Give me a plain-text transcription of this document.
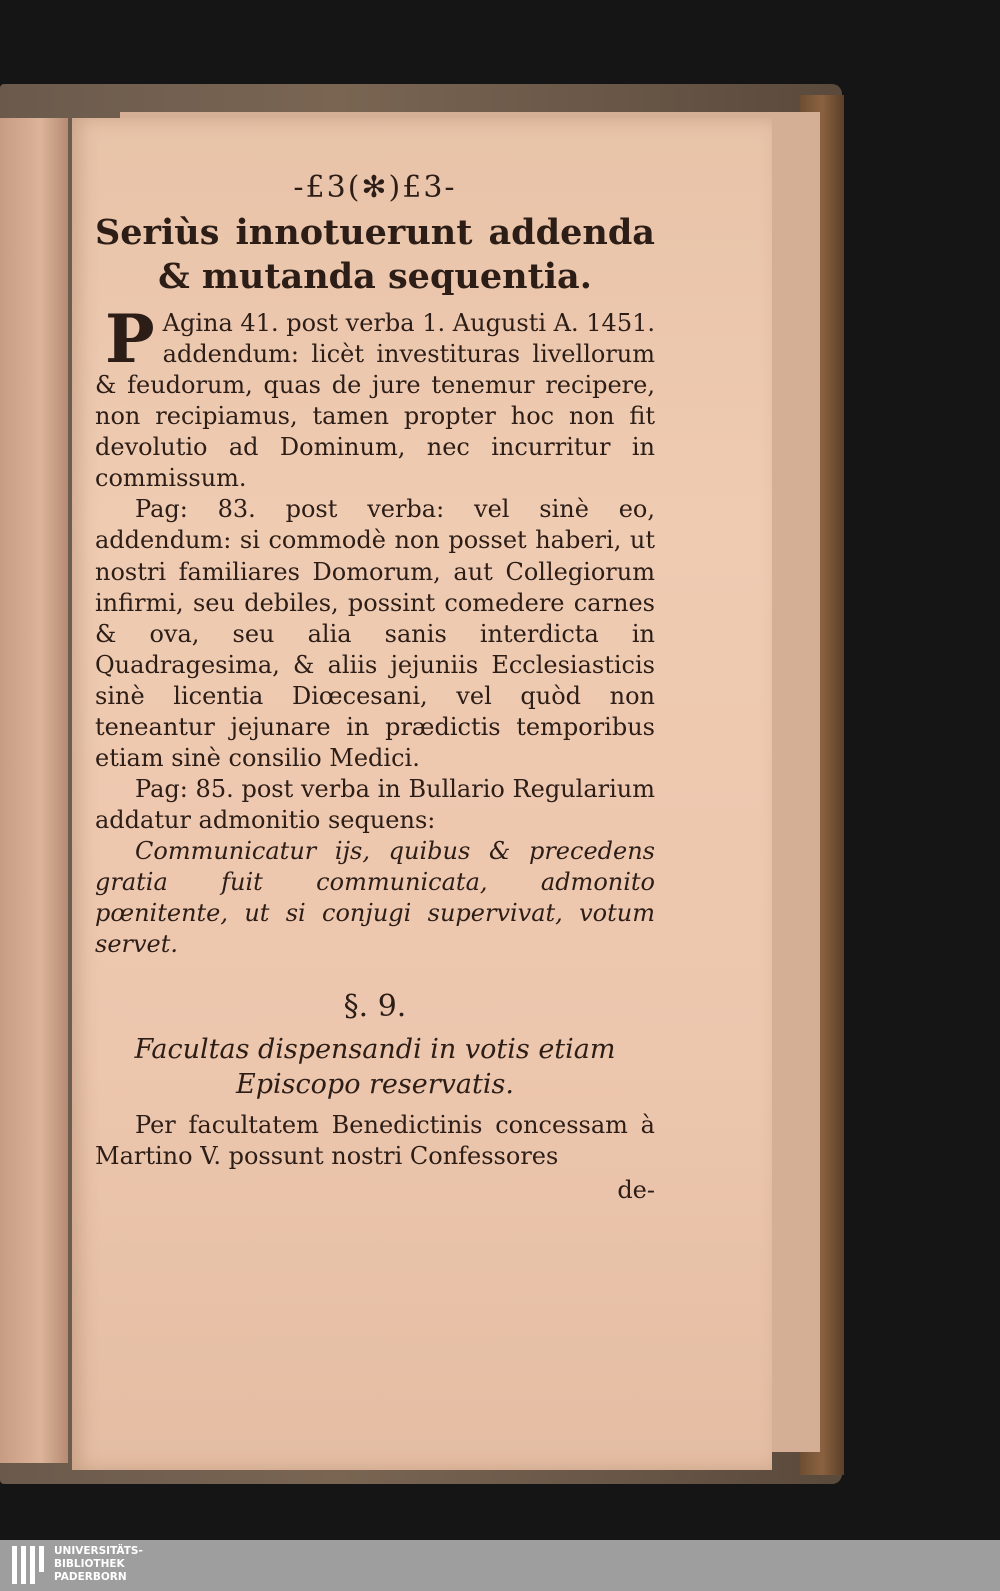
-£3(✻)£3-

Seriùs innotuerunt addenda & mutanda sequentia.

P Agina 41. post verba 1. Augusti A. 1451. addendum: licèt investituras livellorum & feudorum, quas de jure tenemur recipere, non recipiamus, tamen propter hoc non fit devolutio ad Dominum, nec incurritur in commissum.

Pag: 83. post verba: vel sinè eo, addendum: si commodè non posset haberi, ut nostri familiares Domorum, aut Collegiorum infirmi, seu debiles, possint comedere carnes & ova, seu alia sanis interdicta in Quadragesima, & aliis jejuniis Ecclesiasticis sinè licentia Diœcesani, vel quòd non teneantur jejunare in prædictis temporibus etiam sinè consilio Medici.

Pag: 85. post verba in Bullario Regularium addatur admonitio sequens:

Communicatur ijs, quibus & precedens gratia fuit communicata, admonito pœnitente, ut si conjugi supervivat, votum servet.

§. 9.

Facultas dispensandi in votis etiam Episcopo reservatis.

Per facultatem Benedictinis concessam à Martino V. possunt nostri Confessores

de-
UNIVERSITÄTS-
BIBLIOTHEK
PADERBORN
